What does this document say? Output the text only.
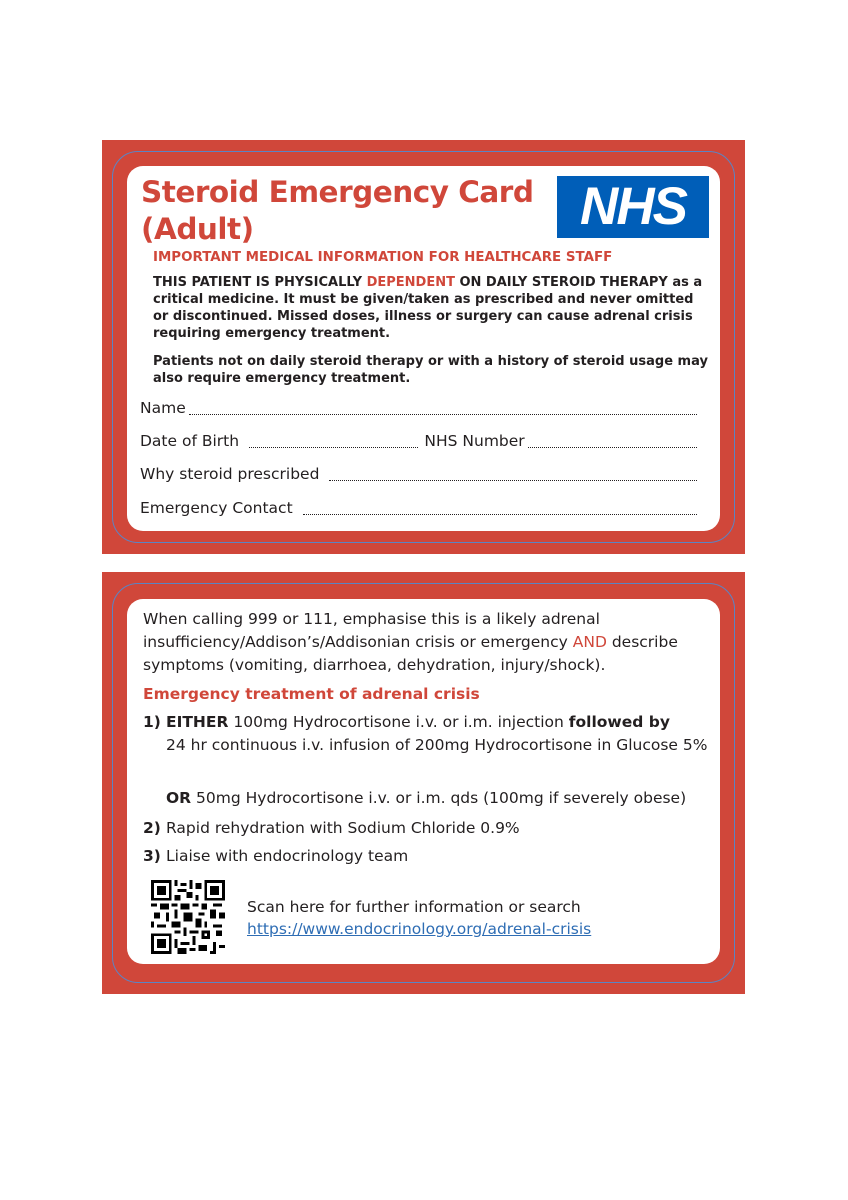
Steroid Emergency Card
(Adult)	NHS
IMPORTANT MEDICAL INFORMATION FOR HEALTHCARE STAFF

THIS PATIENT IS PHYSICALLY DEPENDENT ON DAILY STEROID THERAPY as a critical medicine. It must be given/taken as prescribed and never omitted or discontinued. Missed doses, illness or surgery can cause adrenal crisis requiring emergency treatment.

Patients not on daily steroid therapy or with a history of steroid usage may also require emergency treatment.

Name
Date of Birth	NHS Number
Why steroid prescribed
Emergency Contact

When calling 999 or 111, emphasise this is a likely adrenal insufficiency/Addison’s/Addisonian crisis or emergency AND describe symptoms (vomiting, diarrhoea, dehydration, injury/shock).

Emergency treatment of adrenal crisis
1) EITHER 100mg Hydrocortisone i.v. or i.m. injection followed by

24 hr continuous i.v. infusion of 200mg Hydrocortisone in Glucose 5%

OR 50mg Hydrocortisone i.v. or i.m. qds (100mg if severely obese)

2) Rapid rehydration with Sodium Chloride 0.9%

3) Liaise with endocrinology team

Scan here for further information or search
https://www.endocrinology.org/adrenal-crisis
